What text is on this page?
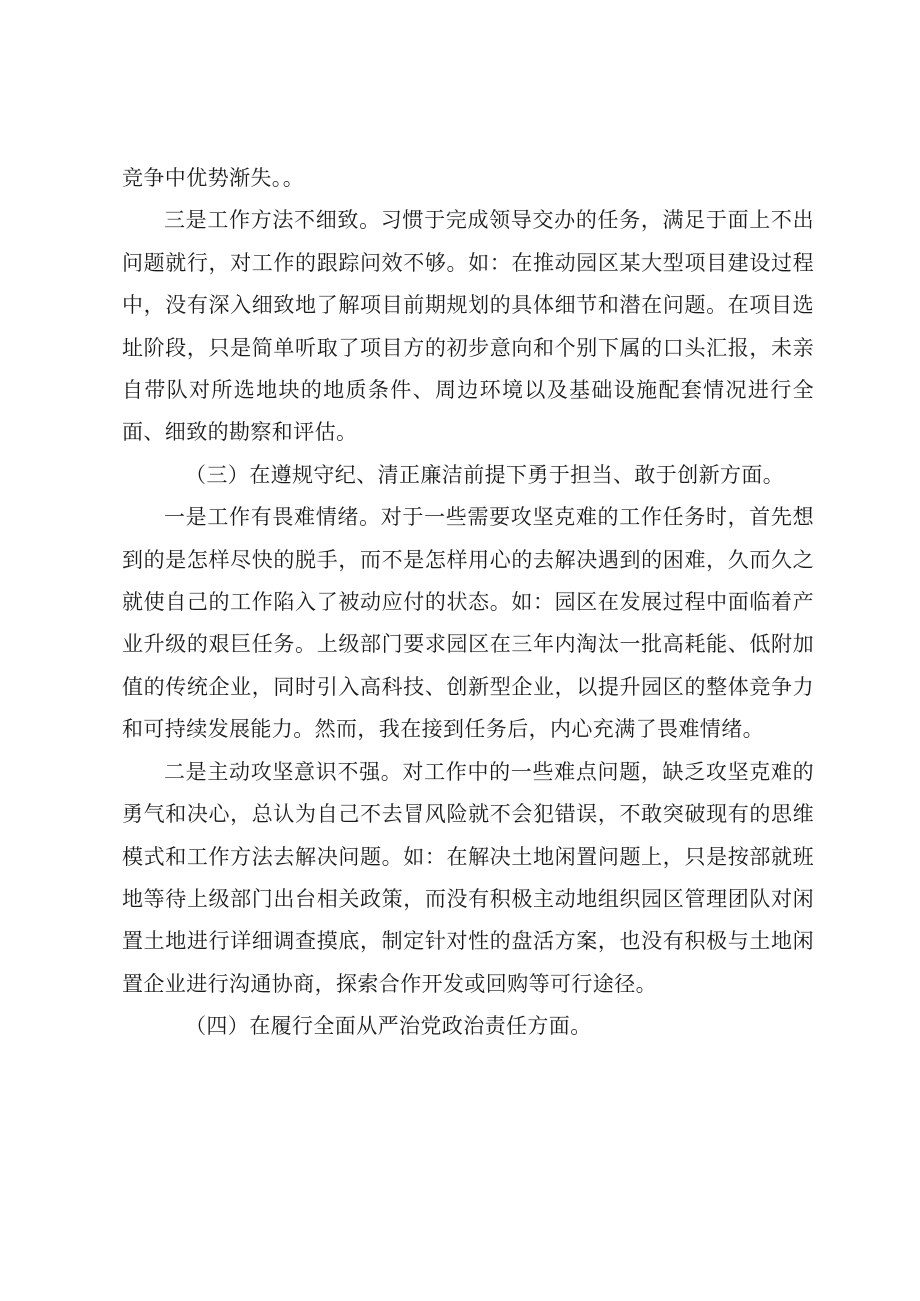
竞争中优势渐失。。

三是工作方法不细致。习惯于完成领导交办的任务，满足于面上不出问题就行，对工作的跟踪问效不够。如：在推动园区某大型项目建设过程中，没有深入细致地了解项目前期规划的具体细节和潜在问题。在项目选址阶段，只是简单听取了项目方的初步意向和个别下属的口头汇报，未亲自带队对所选地块的地质条件、周边环境以及基础设施配套情况进行全面、细致的勘察和评估。

（三）在遵规守纪、清正廉洁前提下勇于担当、敢于创新方面。

一是工作有畏难情绪。对于一些需要攻坚克难的工作任务时，首先想到的是怎样尽快的脱手，而不是怎样用心的去解决遇到的困难，久而久之就使自己的工作陷入了被动应付的状态。如：园区在发展过程中面临着产业升级的艰巨任务。上级部门要求园区在三年内淘汰一批高耗能、低附加值的传统企业，同时引入高科技、创新型企业，以提升园区的整体竞争力和可持续发展能力。然而，我在接到任务后，内心充满了畏难情绪。

二是主动攻坚意识不强。对工作中的一些难点问题，缺乏攻坚克难的勇气和决心，总认为自己不去冒风险就不会犯错误，不敢突破现有的思维模式和工作方法去解决问题。如：在解决土地闲置问题上，只是按部就班地等待上级部门出台相关政策，而没有积极主动地组织园区管理团队对闲置土地进行详细调查摸底，制定针对性的盘活方案，也没有积极与土地闲置企业进行沟通协商，探索合作开发或回购等可行途径。

（四）在履行全面从严治党政治责任方面。
